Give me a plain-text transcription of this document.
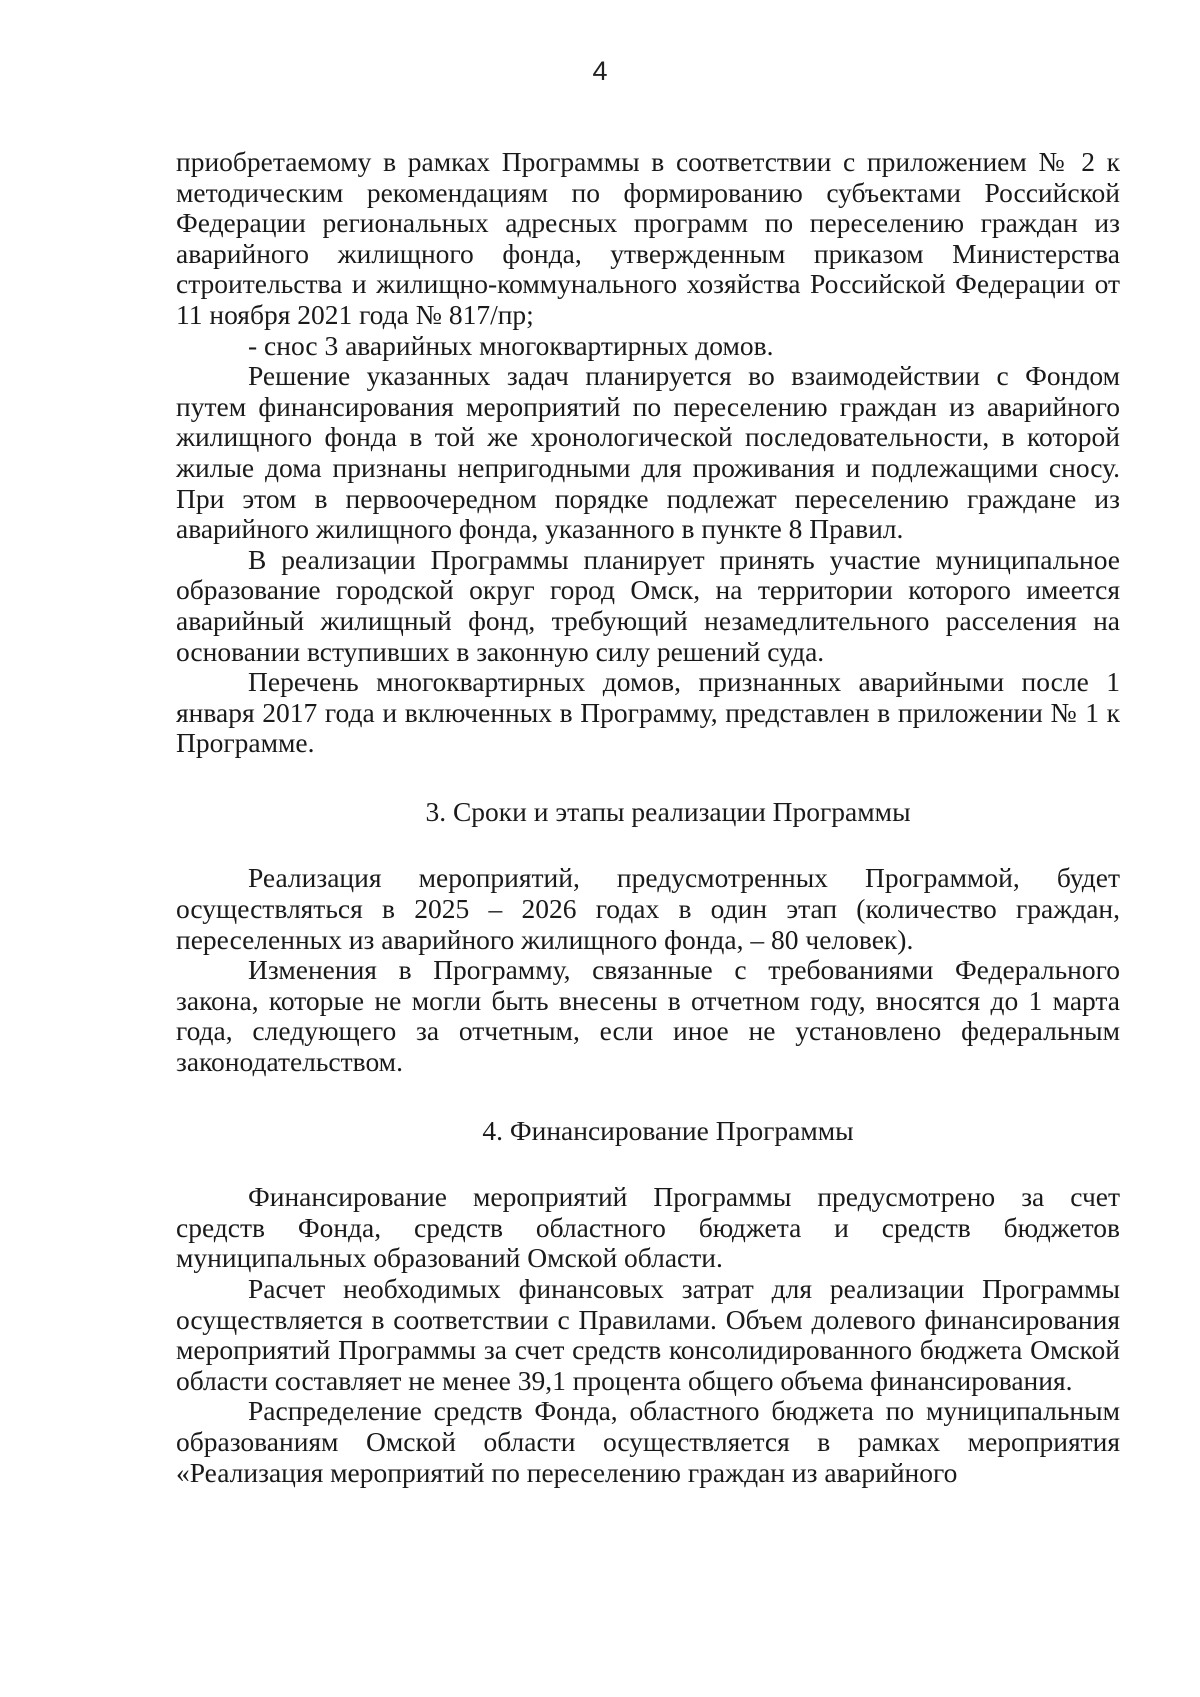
4

приобретаемому в рамках Программы в соответствии с приложением № 2 к методическим рекомендациям по формированию субъектами Российской Федерации региональных адресных программ по переселению граждан из аварийного жилищного фонда, утвержденным приказом Министерства строительства и жилищно-коммунального хозяйства Российской Федерации от 11 ноября 2021 года № 817/пр;

- снос 3 аварийных многоквартирных домов.

Решение указанных задач планируется во взаимодействии с Фондом путем финансирования мероприятий по переселению граждан из аварийного жилищного фонда в той же хронологической последовательности, в которой жилые дома признаны непригодными для проживания и подлежащими сносу. При этом в первоочередном порядке подлежат переселению граждане из аварийного жилищного фонда, указанного в пункте 8 Правил.

В реализации Программы планирует принять участие муниципальное образование городской округ город Омск, на территории которого имеется аварийный жилищный фонд, требующий незамедлительного расселения на основании вступивших в законную силу решений суда.

Перечень многоквартирных домов, признанных аварийными после 1 января 2017 года и включенных в Программу, представлен в приложении № 1 к Программе.

3. Сроки и этапы реализации Программы

Реализация мероприятий, предусмотренных Программой, будет осуществляться в 2025 – 2026 годах в один этап (количество граждан, переселенных из аварийного жилищного фонда, – 80 человек).

Изменения в Программу, связанные с требованиями Федерального закона, которые не могли быть внесены в отчетном году, вносятся до 1 марта года, следующего за отчетным, если иное не установлено федеральным законодательством.

4. Финансирование Программы

Финансирование мероприятий Программы предусмотрено за счет средств Фонда, средств областного бюджета и средств бюджетов муниципальных образований Омской области.

Расчет необходимых финансовых затрат для реализации Программы осуществляется в соответствии с Правилами. Объем долевого финансирования мероприятий Программы за счет средств консолидированного бюджета Омской области составляет не менее 39,1 процента общего объема финансирования.

Распределение средств Фонда, областного бюджета по муниципальным образованиям Омской области осуществляется в рамках мероприятия «Реализация мероприятий по переселению граждан из аварийного
